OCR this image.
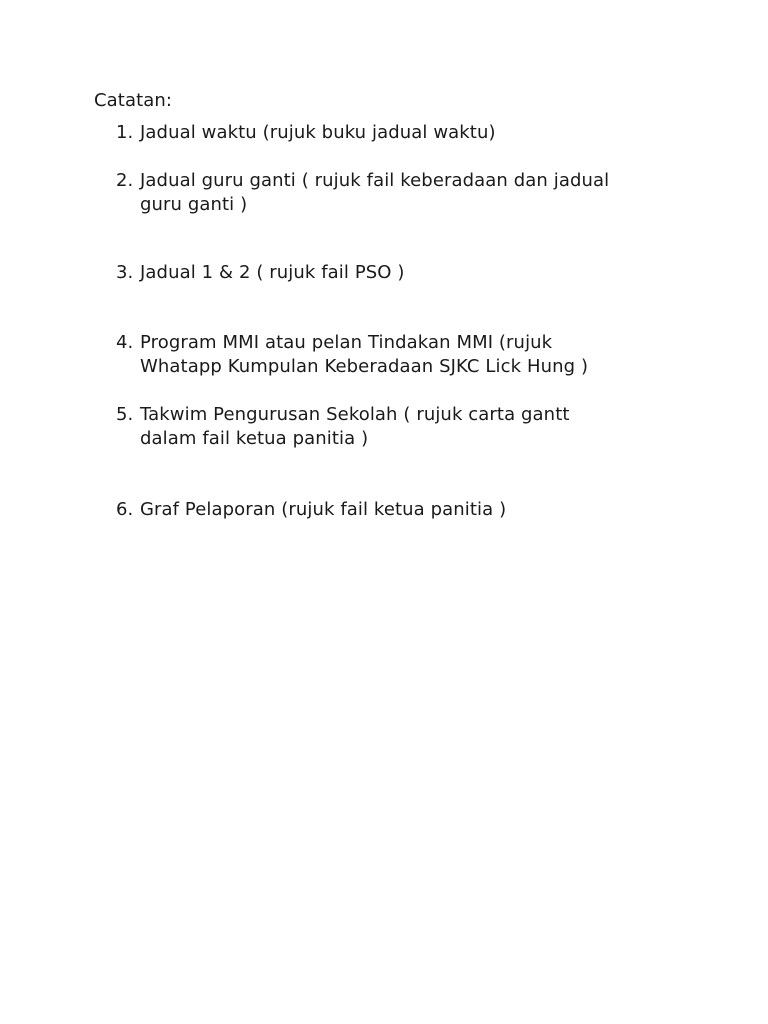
Catatan:
1. Jadual waktu (rujuk buku jadual waktu)
2. Jadual guru ganti ( rujuk fail keberadaan dan jadual
guru ganti )
3. Jadual 1 & 2 ( rujuk fail PSO )
4. Program MMI atau pelan Tindakan MMI (rujuk
Whatapp Kumpulan Keberadaan SJKC Lick Hung )
5. Takwim Pengurusan Sekolah ( rujuk carta gantt
dalam fail ketua panitia )
6. Graf Pelaporan (rujuk fail ketua panitia )
